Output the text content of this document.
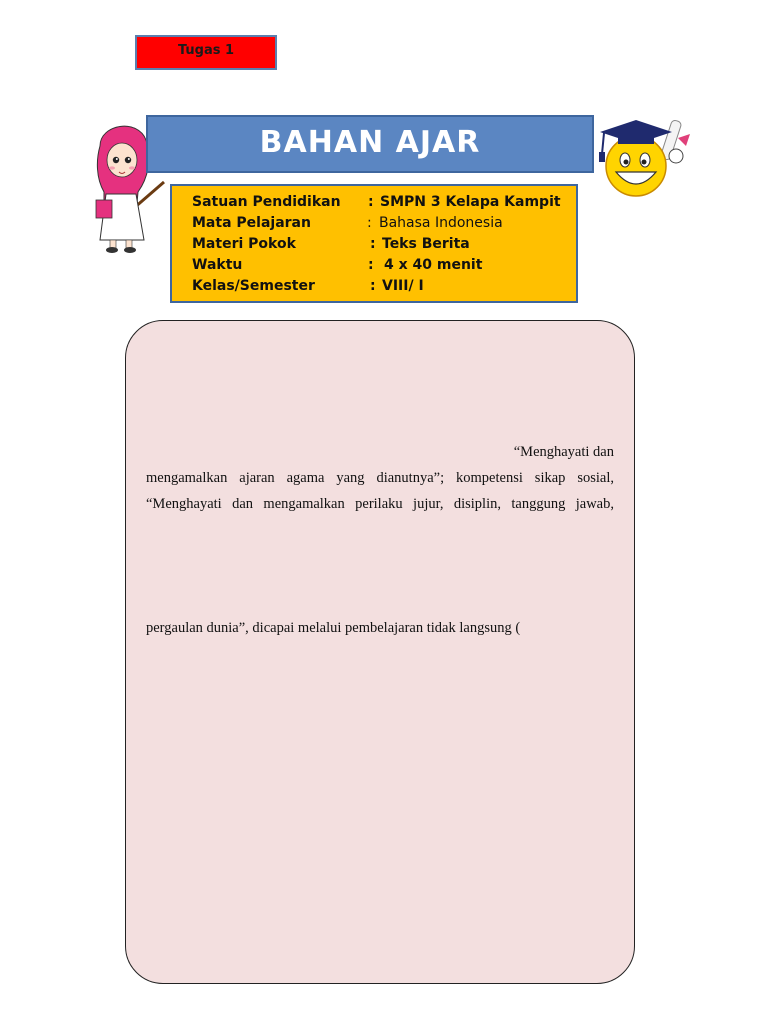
Tugas 1
BAHAN AJAR
Satuan Pendidikan : SMPN 3 Kelapa Kampit
Mata Pelajaran	: Bahasa Indonesia
Materi Pokok	: Teks Berita
Waktu	: 4 x 40 menit
Kelas/Semester	: VIII/ I
“Menghayati dan
mengamalkan ajaran agama yang dianutnya”; kompetensi sikap sosial,
“Menghayati dan mengamalkan perilaku jujur, disiplin, tanggung jawab,
pergaulan dunia”, dicapai melalui pembelajaran tidak langsung (
